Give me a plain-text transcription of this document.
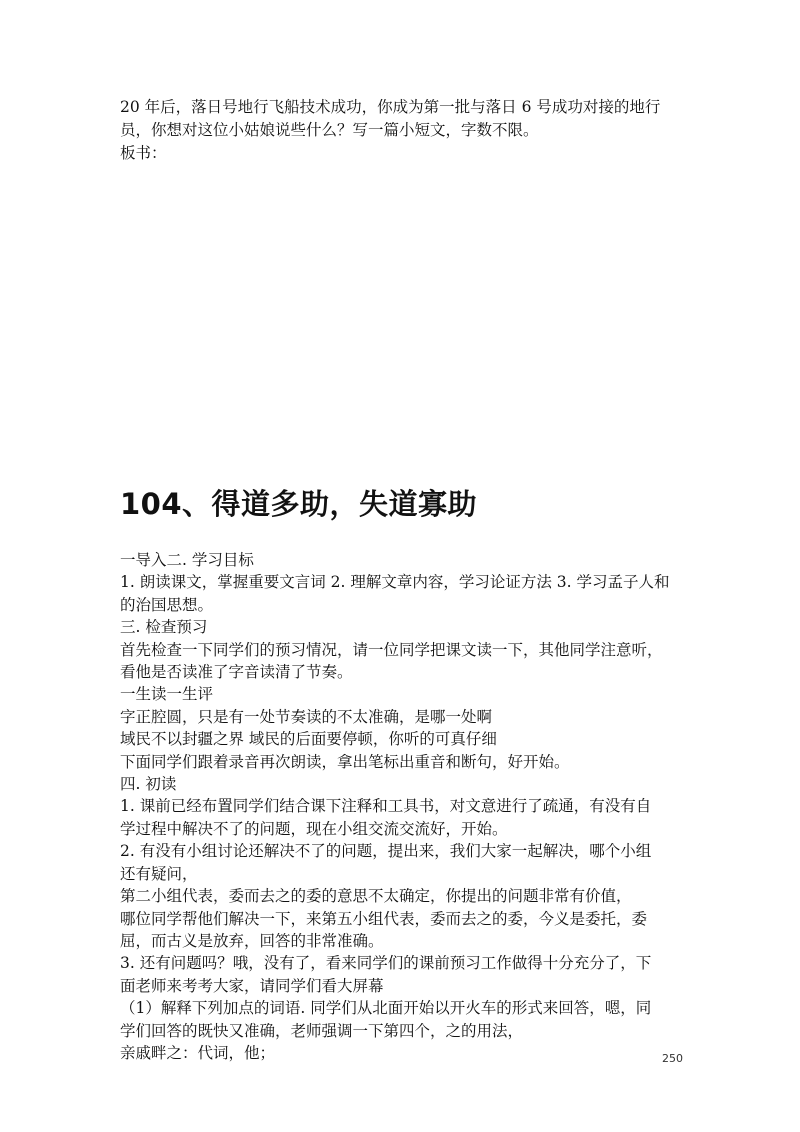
20 年后，落日号地行飞船技术成功，你成为第一批与落日 6 号成功对接的地行

员，你想对这位小姑娘说些什么？写一篇小短文，字数不限。

板书：

104、得道多助，失道寡助

一导入二. 学习目标

1. 朗读课文，掌握重要文言词 2. 理解文章内容，学习论证方法 3. 学习孟子人和

的治国思想。

三. 检查预习

首先检查一下同学们的预习情况，请一位同学把课文读一下，其他同学注意听，

看他是否读准了字音读清了节奏。

一生读一生评

字正腔圆，只是有一处节奏读的不太准确，是哪一处啊

域民不以封疆之界 域民的后面要停顿，你听的可真仔细

下面同学们跟着录音再次朗读，拿出笔标出重音和断句，好开始。

四. 初读

1. 课前已经布置同学们结合课下注释和工具书，对文意进行了疏通，有没有自

学过程中解决不了的问题，现在小组交流交流好，开始。

2. 有没有小组讨论还解决不了的问题，提出来，我们大家一起解决，哪个小组

还有疑问，

第二小组代表，委而去之的委的意思不太确定，你提出的问题非常有价值，

哪位同学帮他们解决一下，来第五小组代表，委而去之的委，今义是委托，委

屈，而古义是放弃，回答的非常准确。

3. 还有问题吗？哦，没有了，看来同学们的课前预习工作做得十分充分了，下

面老师来考考大家，请同学们看大屏幕

（1）解释下列加点的词语. 同学们从北面开始以开火车的形式来回答，嗯，同

学们回答的既快又准确，老师强调一下第四个，之的用法，

亲戚畔之：代词，他；	250
